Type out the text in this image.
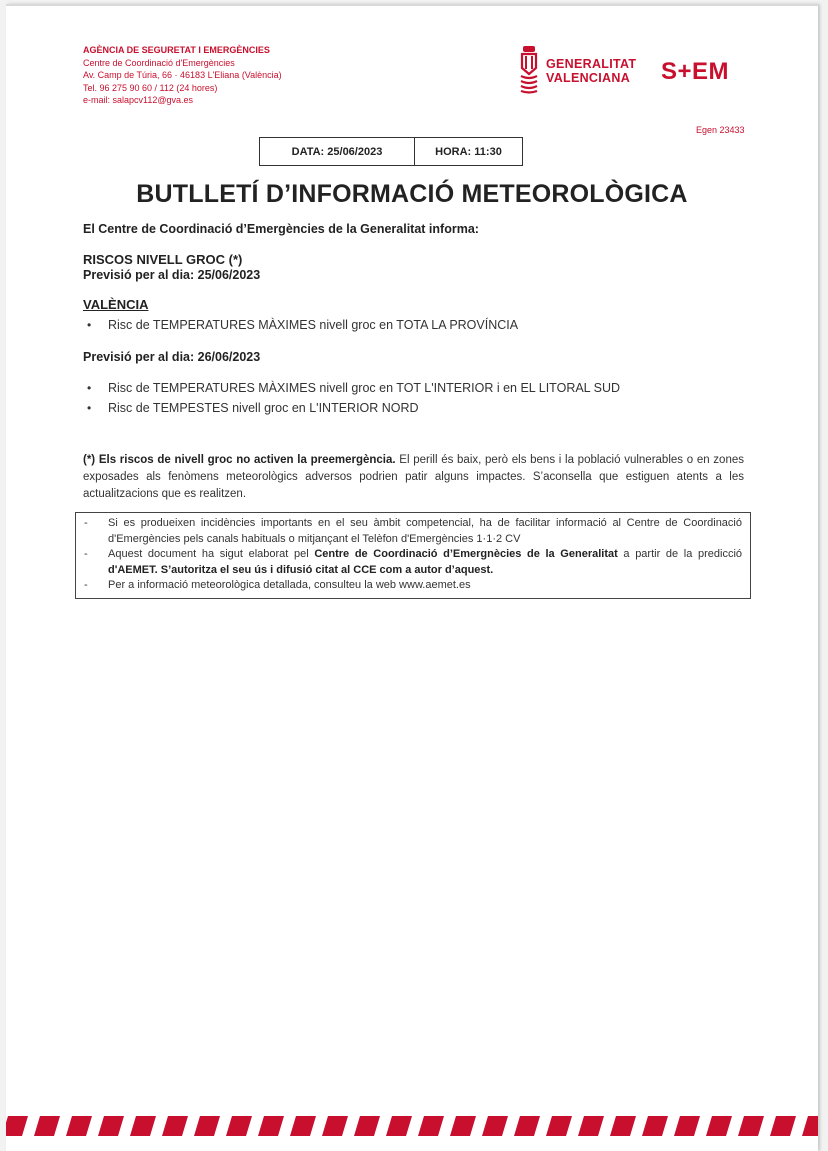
AGÈNCIA DE SEGURETAT I EMERGÈNCIES
Centre de Coordinació d'Emergències
Av. Camp de Túria, 66 · 46183 L'Eliana (València)
Tel. 96 275 90 60 / 112 (24 hores)
e-mail: salapcv112@gva.es
GENERALITAT
VALENCIANA S+EM
Egen 23433
DATA: 25/06/2023	HORA: 11:30
BUTLLETÍ D’INFORMACIÓ METEOROLÒGICA
El Centre de Coordinació d’Emergències de la Generalitat informa:
RISCOS NIVELL GROC (*)
Previsió per al dia: 25/06/2023
VALÈNCIA
• Risc de TEMPERATURES MÀXIMES nivell groc en TOTA LA PROVÍNCIA
Previsió per al dia: 26/06/2023
• Risc de TEMPERATURES MÀXIMES nivell groc en TOT L'INTERIOR i en EL LITORAL SUD
• Risc de TEMPESTES nivell groc en L'INTERIOR NORD
(*) Els riscos de nivell groc no activen la preemergència. El perill és baix, però els bens i la població vulnerables o en zones exposades als fenòmens meteorològics adversos podrien patir alguns impactes. S’aconsella que estiguen atents a les actualitzacions que es realitzen.
- Si es produeixen incidències importants en el seu àmbit competencial, ha de facilitar informació al Centre de Coordinació d'Emergències pels canals habituals o mitjançant el Telèfon d'Emergències 1·1·2 CV
- Aquest document ha sigut elaborat pel Centre de Coordinació d’Emergnècies de la Generalitat a partir de la predicció d'AEMET. S’autoritza el seu ús i difusió citat al CCE com a autor d’aquest.
- Per a informació meteorològica detallada, consulteu la web www.aemet.es
